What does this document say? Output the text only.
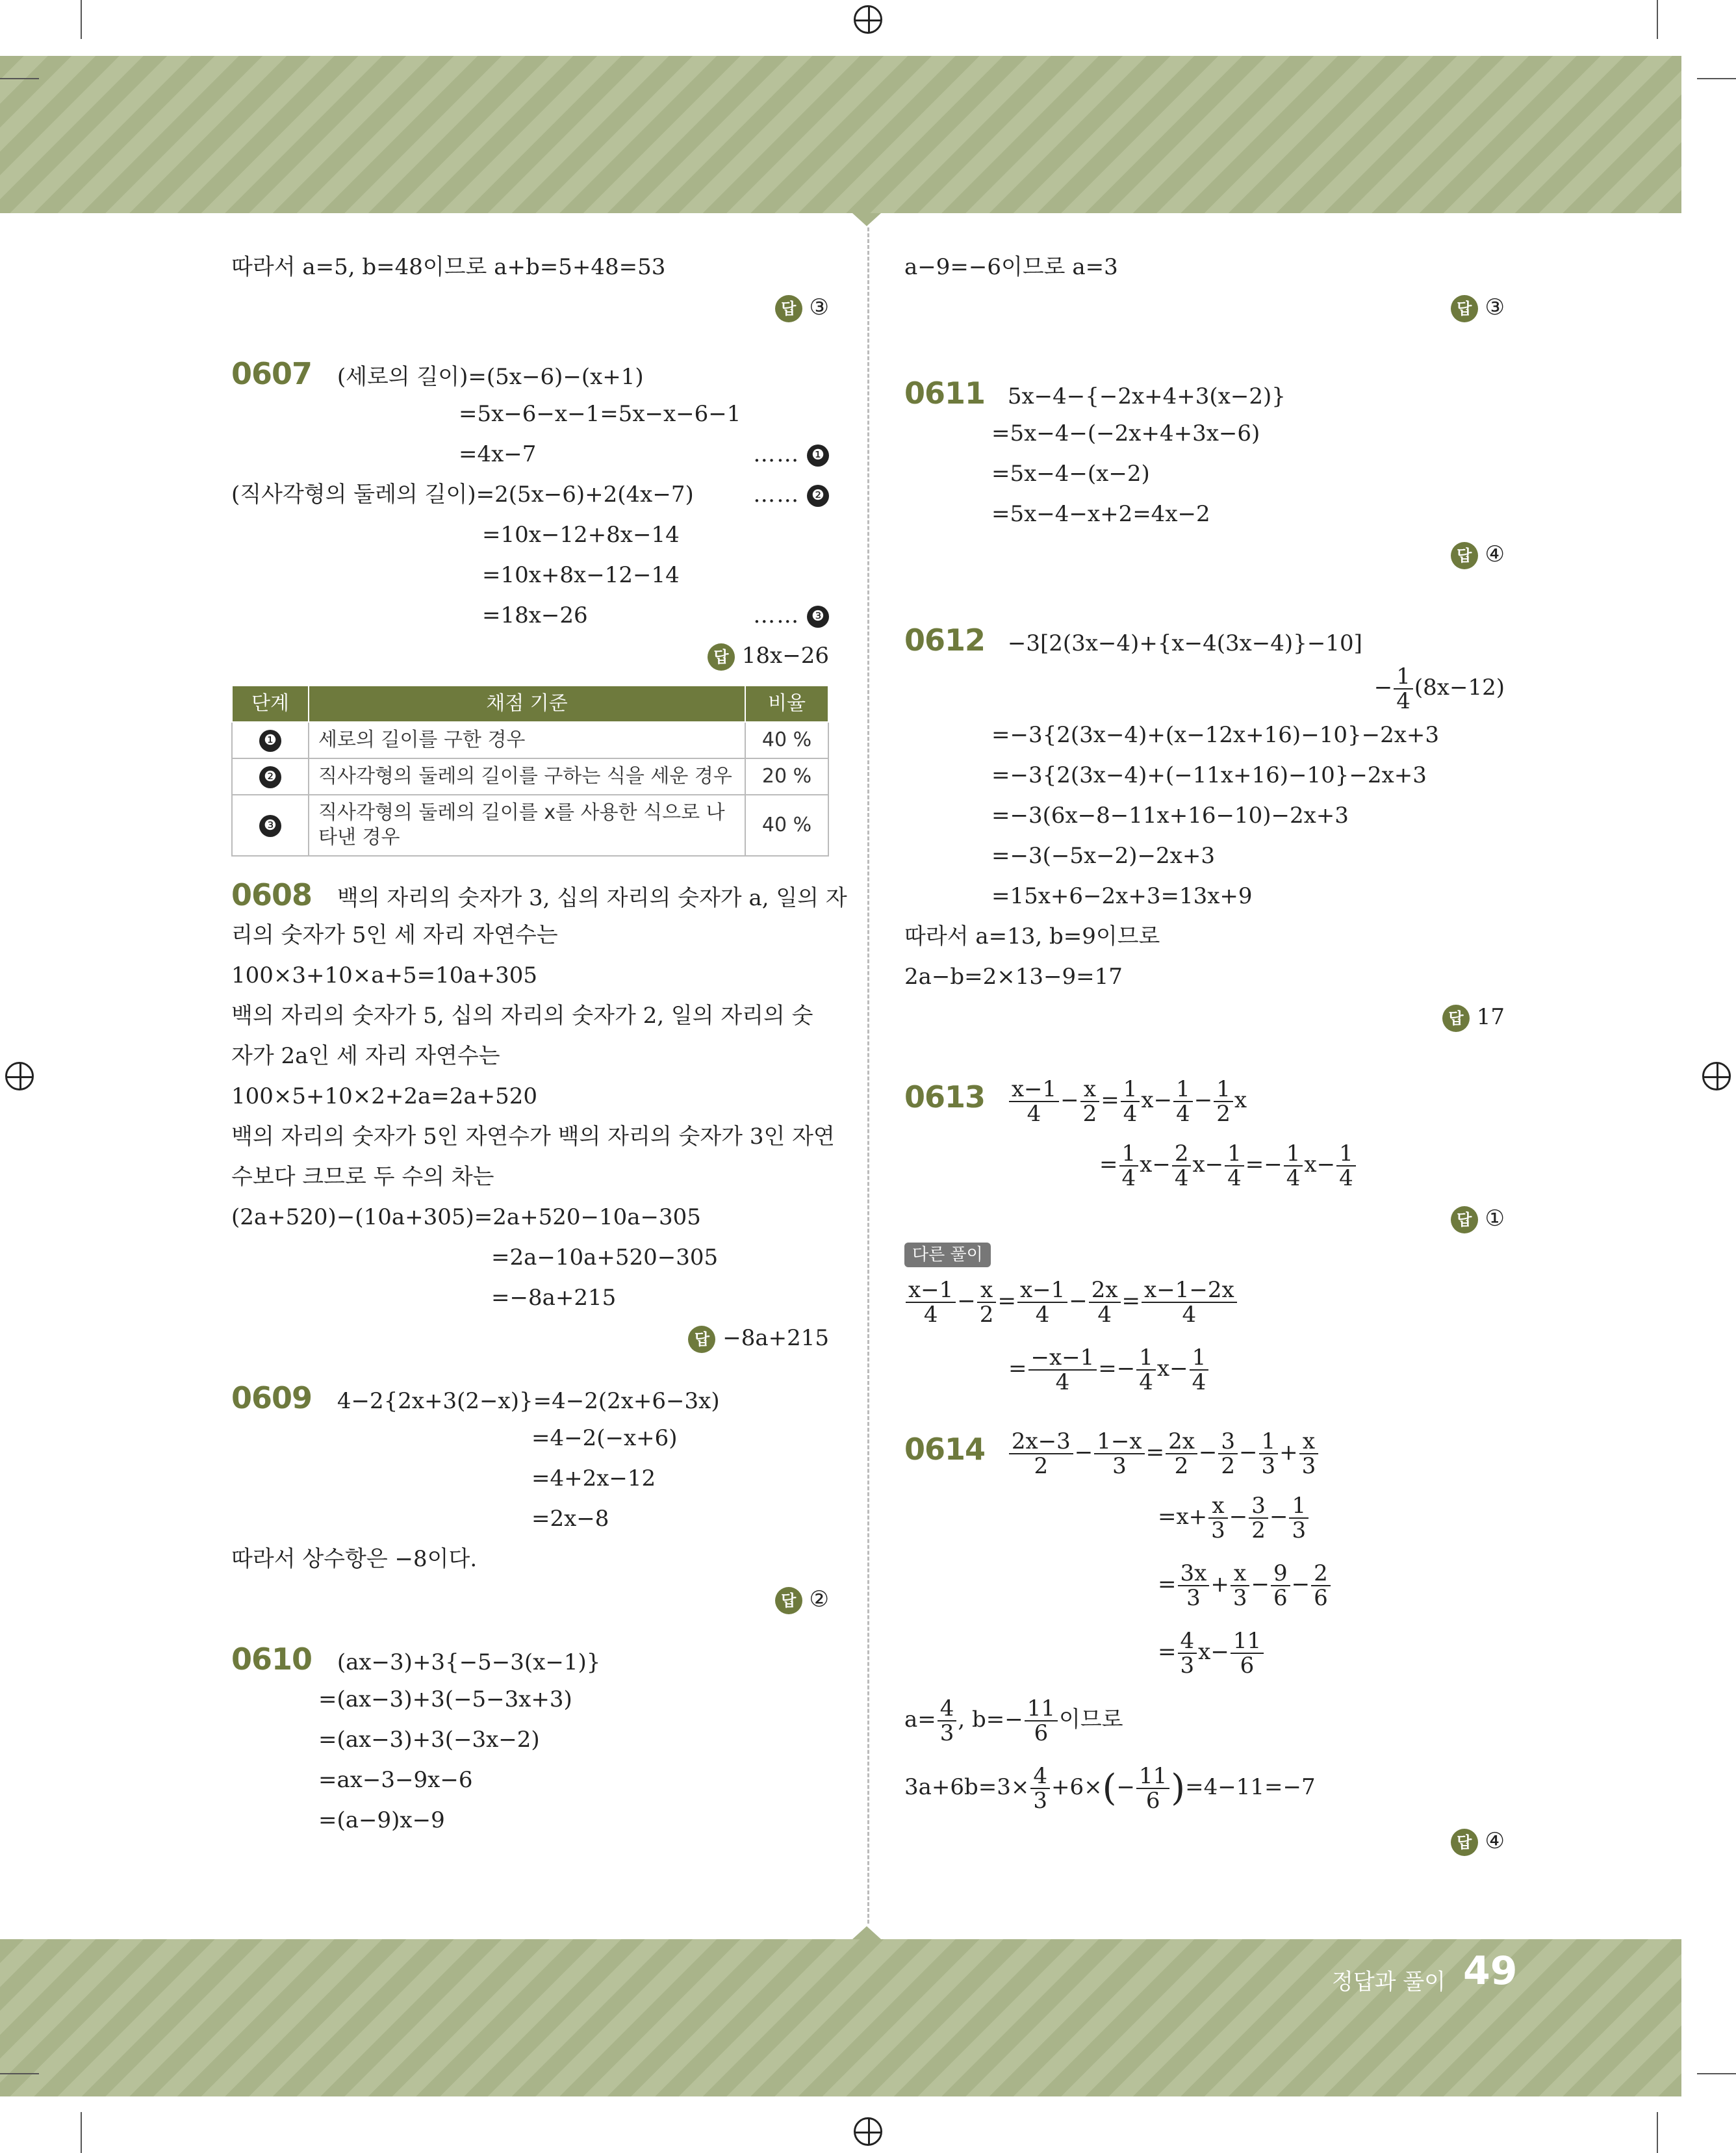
따라서 a=5, b=48이므로 a+b=5+48=53
답 ③
0607 (세로의 길이)=(5x−6)−(x+1)
=5x−6−x−1=5x−x−6−1
=4x−7	…… ❶
(직사각형의 둘레의 길이)=2(5x−6)+2(4x−7)	…… ❷
=10x−12+8x−14
=10x+8x−12−14
=18x−26	…… ❸
답 18x−26
단계	채점 기준	비율
❶	세로의 길이를 구한 경우	40 %
❷	직사각형의 둘레의 길이를 구하는 식을 세운 경우	20 %
❸	직사각형의 둘레의 길이를 x를 사용한 식으로 나타낸 경우	40 %
0608 백의 자리의 숫자가 3, 십의 자리의 숫자가 a, 일의 자
리의 숫자가 5인 세 자리 자연수는
100×3+10×a+5=10a+305
백의 자리의 숫자가 5, 십의 자리의 숫자가 2, 일의 자리의 숫
자가 2a인 세 자리 자연수는
100×5+10×2+2a=2a+520
백의 자리의 숫자가 5인 자연수가 백의 자리의 숫자가 3인 자연
수보다 크므로 두 수의 차는
(2a+520)−(10a+305)=2a+520−10a−305
=2a−10a+520−305
=−8a+215
답 −8a+215
0609 4−2{2x+3(2−x)}=4−2(2x+6−3x)
=4−2(−x+6)
=4+2x−12
=2x−8
따라서 상수항은 −8이다.
답 ②
0610 (ax−3)+3{−5−3(x−1)}
=(ax−3)+3(−5−3x+3)
=(ax−3)+3(−3x−2)
=ax−3−9x−6
=(a−9)x−9
a−9=−6이므로 a=3
답 ③
0611 5x−4−{−2x+4+3(x−2)}
=5x−4−(−2x+4+3x−6)
=5x−4−(x−2)
=5x−4−x+2=4x−2
답 ④
0612 −3[2(3x−4)+{x−4(3x−4)}−10]
− $\frac{1}{4} (8x-12)$
=−3{2(3x−4)+(x−12x+16)−10}−2x+3
=−3{2(3x−4)+(−11x+16)−10}−2x+3
=−3(6x−8−11x+16−10)−2x+3
=−3(−5x−2)−2x+3
=15x+6−2x+3=13x+9
따라서 a=13, b=9이므로
2a−b=2×13−9=17
답 17
$0613 \frac{x-1}{4} - \frac{x}{2} = \frac{1}{4} x- \frac{1}{4} - \frac{1}{2}$ x
= $\frac{1}{4} x- \frac{2}{4} x- \frac{1}{4} =- \frac{1}{4} x- \frac{1}{4}$
답 ①
다른 풀이
$\frac{x-1}{4} - \frac{x}{2} = \frac{x-1}{4} - \frac{2x}{4} = \frac{x-1-2x}{4}$
= $\frac{-x-1}{4} =- \frac{1}{4} x- \frac{1}{4}$
$0614 \frac{2x-3}{2} - \frac{1-x}{3} = \frac{2x}{2} - \frac{3}{2} - \frac{1}{3} + \frac{x}{3}$
$=x+ \frac{x}{3} - \frac{3}{2} - \frac{1}{3}$
= $\frac{3x}{3} + \frac{x}{3} - \frac{9}{6} - \frac{2}{6}$
= $\frac{4}{3} x- \frac{11}{6}$
$a= \frac{4}{3}$ , $b=- \frac{11}{6}$ 이므로
$3a+6b=3\times \frac{4}{3} +6\times(- \frac{11}{6} )=4-11=-7$
답 ④
정답과 풀이 49
